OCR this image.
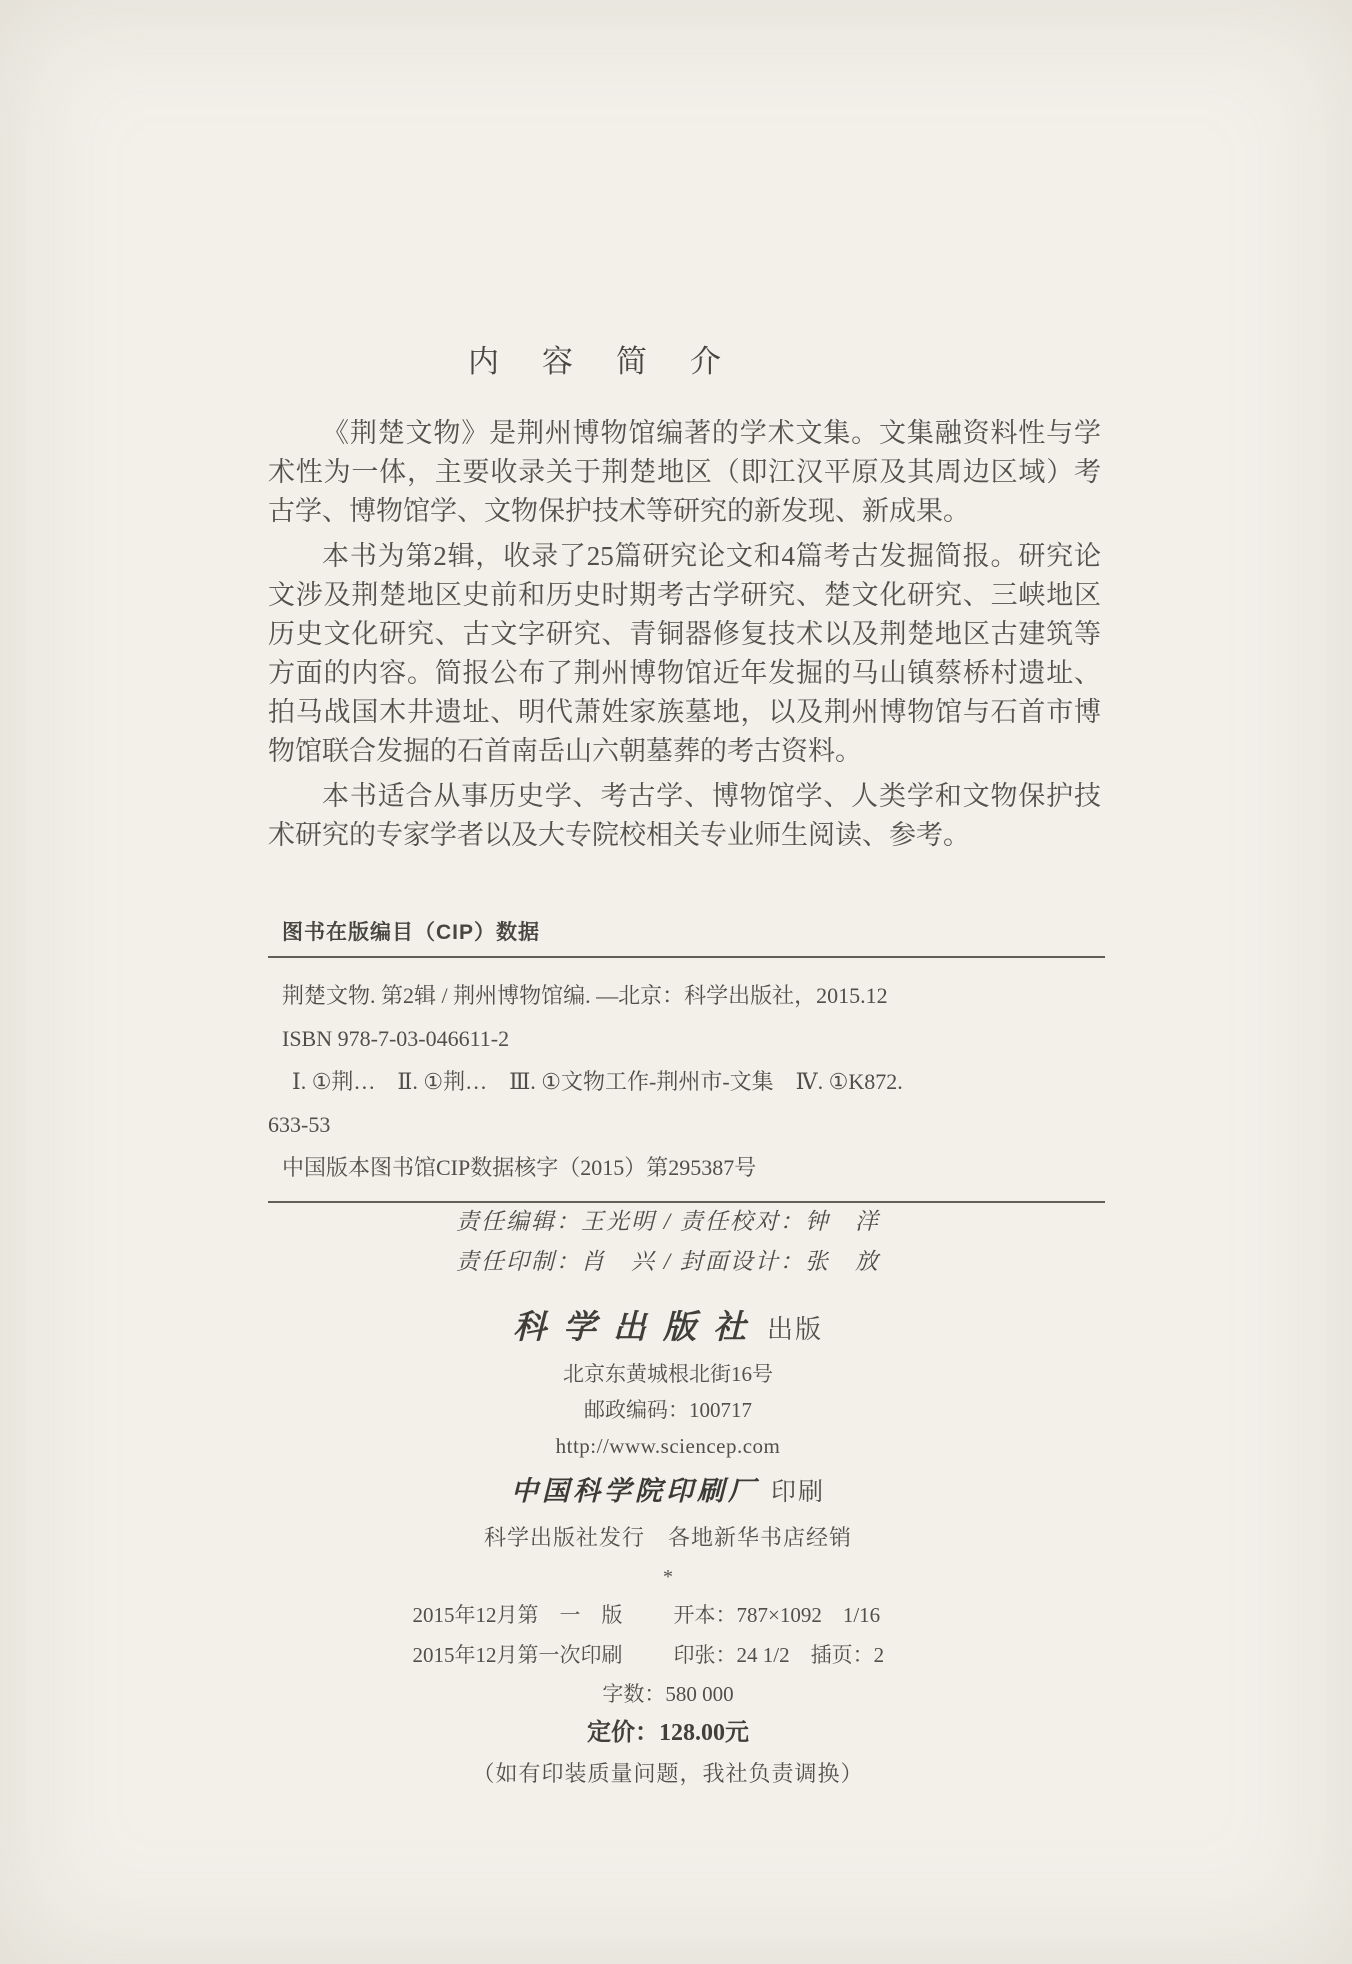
内　容　简　介

《荆楚文物》是荆州博物馆编著的学术文集。文集融资料性与学术性为一体，主要收录关于荆楚地区（即江汉平原及其周边区域）考古学、博物馆学、文物保护技术等研究的新发现、新成果。

本书为第2辑，收录了25篇研究论文和4篇考古发掘简报。研究论文涉及荆楚地区史前和历史时期考古学研究、楚文化研究、三峡地区历史文化研究、古文字研究、青铜器修复技术以及荆楚地区古建筑等方面的内容。简报公布了荆州博物馆近年发掘的马山镇蔡桥村遗址、拍马战国木井遗址、明代萧姓家族墓地，以及荆州博物馆与石首市博物馆联合发掘的石首南岳山六朝墓葬的考古资料。

本书适合从事历史学、考古学、博物馆学、人类学和文物保护技术研究的专家学者以及大专院校相关专业师生阅读、参考。

图书在版编目（CIP）数据
荆楚文物. 第2辑 / 荆州博物馆编. —北京：科学出版社，2015.12
ISBN 978-7-03-046611-2
Ⅰ. ①荆…　Ⅱ. ①荆…　Ⅲ. ①文物工作-荆州市-文集　Ⅳ. ①K872.
633-53
中国版本图书馆CIP数据核字（2015）第295387号
责任编辑：王光明 / 责任校对：钟　洋
责任印制：肖　兴 / 封面设计：张　放
科学出版社 出版
北京东黄城根北街16号
邮政编码：100717
http://www.sciencep.com
中国科学院印刷厂 印刷
科学出版社发行　各地新华书店经销
*
2015年12月第　一　版	开本：787×1092　1/16
2015年12月第一次印刷	印张：24 1/2　插页：2
字数：580 000
定价：128.00元
（如有印装质量问题，我社负责调换）
